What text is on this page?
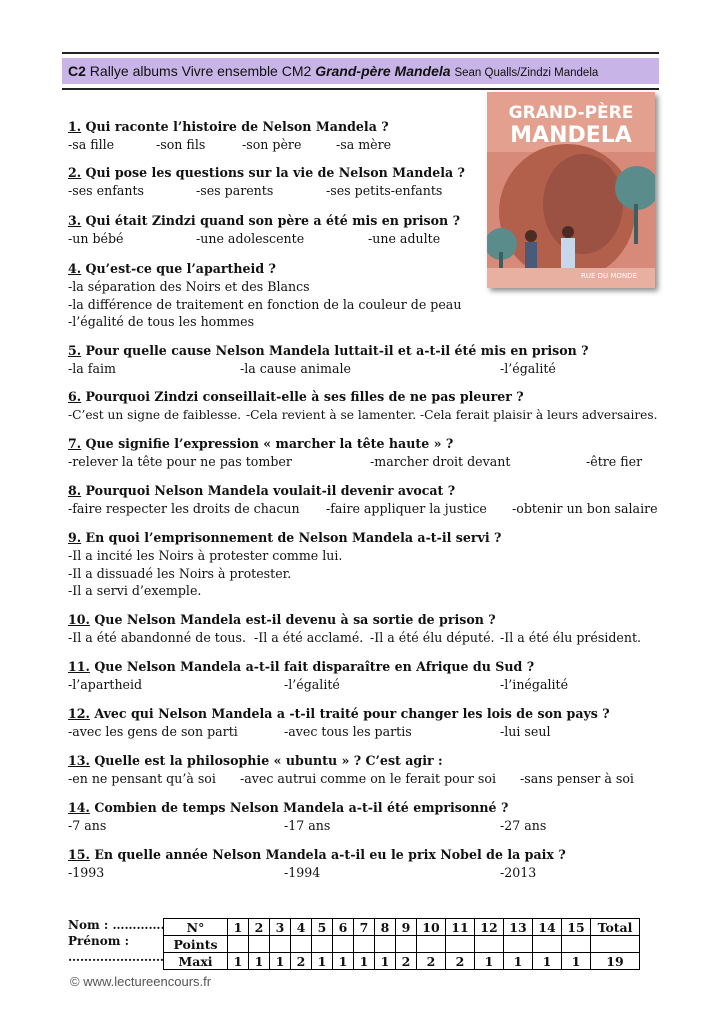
C2 Rallye albums Vivre ensemble CM2 Grand-père Mandela Sean Qualls/Zindzi Mandela
GRAND-PÈRE
MANDELA
RUE DU MONDE
1. Qui raconte l’histoire de Nelson Mandela ?
-sa fille	-son fils	-son père	-sa mère
2. Qui pose les questions sur la vie de Nelson Mandela ?
-ses enfants	-ses parents	-ses petits-enfants
3. Qui était Zindzi quand son père a été mis en prison ?
-un bébé	-une adolescente	-une adulte
4. Qu’est-ce que l’apartheid ?
-la séparation des Noirs et des Blancs
-la différence de traitement en fonction de la couleur de peau
-l’égalité de tous les hommes
5. Pour quelle cause Nelson Mandela luttait-il et a-t-il été mis en prison ?
-la faim	-la cause animale	-l’égalité
6. Pourquoi Zindzi conseillait-elle à ses filles de ne pas pleurer ?
-C’est un signe de faiblesse. -Cela revient à se lamenter. -Cela ferait plaisir à leurs adversaires.
7. Que signifie l’expression « marcher la tête haute » ?
-relever la tête pour ne pas tomber	-marcher droit devant	-être fier
8. Pourquoi Nelson Mandela voulait-il devenir avocat ?
-faire respecter les droits de chacun -faire appliquer la justice -obtenir un bon salaire
9. En quoi l’emprisonnement de Nelson Mandela a-t-il servi ?
-Il a incité les Noirs à protester comme lui.
-Il a dissuadé les Noirs à protester.
-Il a servi d’exemple.
10. Que Nelson Mandela est-il devenu à sa sortie de prison ?
-Il a été abandonné de tous. -Il a été acclamé. -Il a été élu député. -Il a été élu président.
11. Que Nelson Mandela a-t-il fait disparaître en Afrique du Sud ?
-l’apartheid	-l’égalité	-l’inégalité
12. Avec qui Nelson Mandela a -t-il traité pour changer les lois de son pays ?
-avec les gens de son parti	-avec tous les partis	-lui seul
13. Quelle est la philosophie « ubuntu » ? C’est agir :
-en ne pensant qu’à soi -avec autrui comme on le ferait pour soi -sans penser à soi
14. Combien de temps Nelson Mandela a-t-il été emprisonné ?
-7 ans	-17 ans	-27 ans
15. En quelle année Nelson Mandela a-t-il eu le prix Nobel de la paix ?
-1993	-1994	-2013
Nom : ………….
Prénom :
……………………
N°	1	2	3	4	5	6	7	8	9	10	11	12	13	14	15	Total
Points																
Maxi	1	1	1	2	1	1	1	1	2	2	2	1	1	1	1	19
© www.lectureencours.fr
